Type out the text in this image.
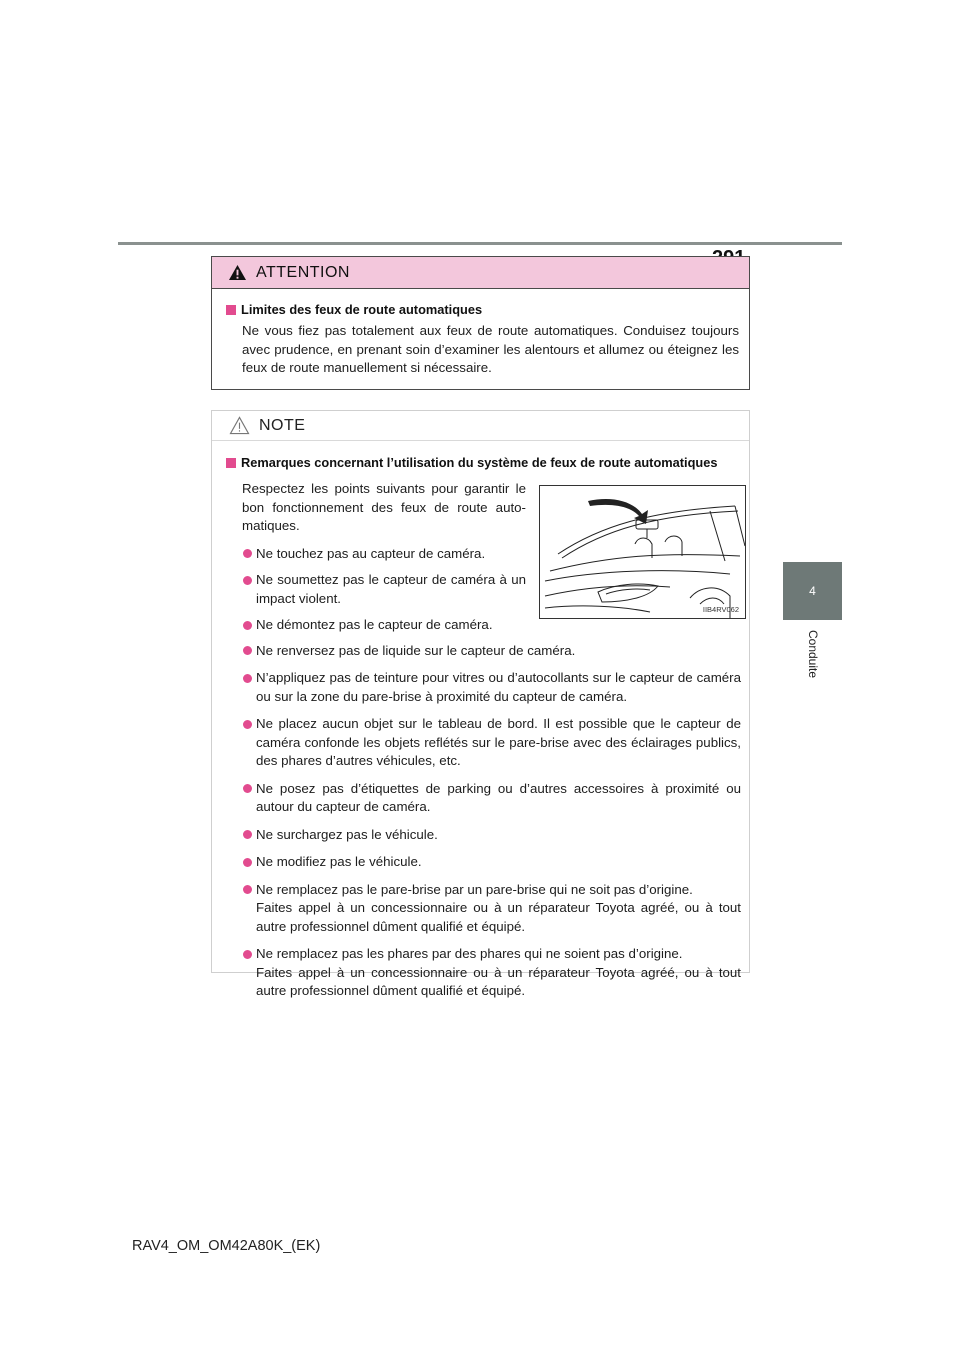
4
Conduite
ATTENTION
Limites des feux de route automatiques

Ne vous fiez pas totalement aux feux de route automatiques. Conduisez toujours avec prudence, en prenant soin d’examiner les alentours et allumez ou éteignez les feux de route manuellement si nécessaire.

NOTE
Remarques concernant l’utilisation du système de feux de route automatiques

Respectez les points suivants pour garantir le bon fonctionnement des feux de route auto-matiques.

Ne touchez pas au capteur de caméra.
Ne soumettez pas le capteur de caméra à un impact violent.
Ne démontez pas le capteur de caméra.
IIB4RV062
Ne renversez pas de liquide sur le capteur de caméra.
N’appliquez pas de teinture pour vitres ou d’autocollants sur le capteur de caméra ou sur la zone du pare-brise à proximité du capteur de caméra.
Ne placez aucun objet sur le tableau de bord. Il est possible que le capteur de caméra confonde les objets reflétés sur le pare-brise avec des éclairages publics, des phares d’autres véhicules, etc.
Ne posez pas d’étiquettes de parking ou d’autres accessoires à proximité ou autour du capteur de caméra.
Ne surchargez pas le véhicule.
Ne modifiez pas le véhicule.
Ne remplacez pas le pare-brise par un pare-brise qui ne soit pas d’origine.
Faites appel à un concessionnaire ou à un réparateur Toyota agréé, ou à tout autre professionnel dûment qualifié et équipé.
Ne remplacez pas les phares par des phares qui ne soient pas d’origine.
Faites appel à un concessionnaire ou à un réparateur Toyota agréé, ou à tout autre professionnel dûment qualifié et équipé.
RAV4_OM_OM42A80K_(EK)
